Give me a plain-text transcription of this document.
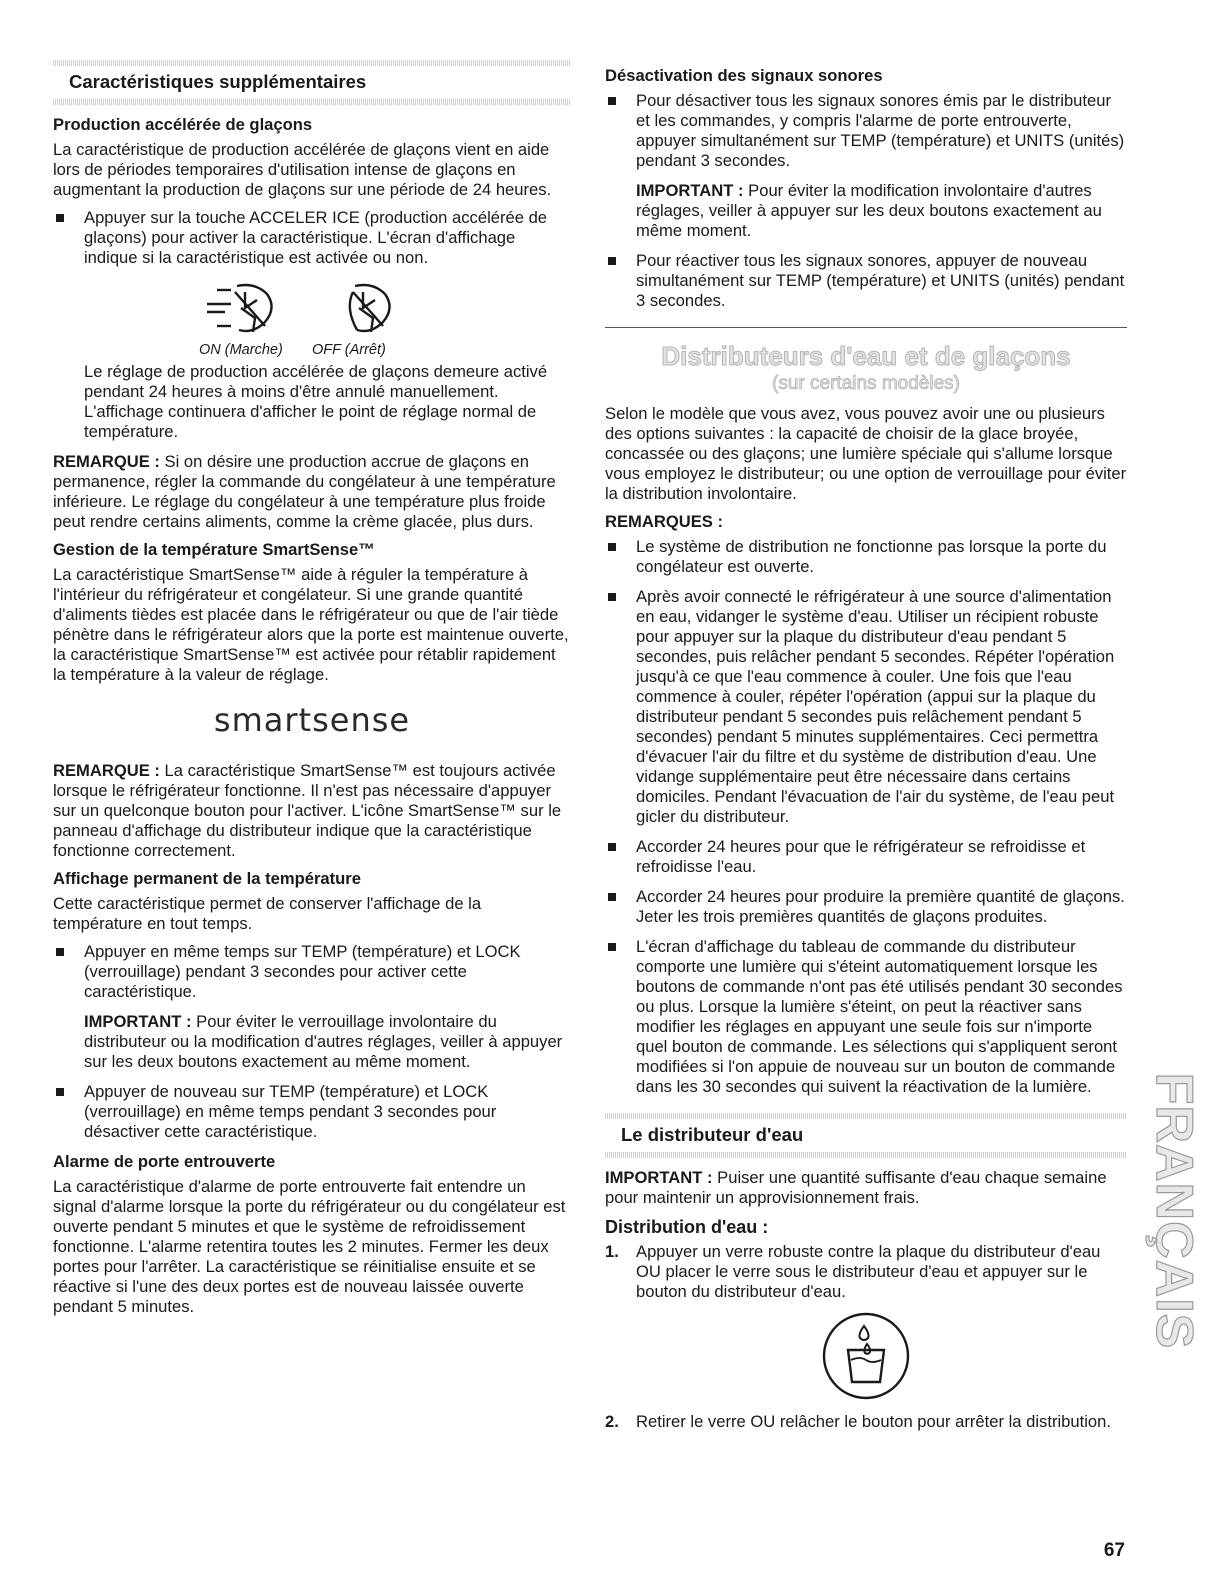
Caractéristiques supplémentaires

Production accélérée de glaçons

La caractéristique de production accélérée de glaçons vient en aide lors de périodes temporaires d'utilisation intense de glaçons en augmentant la production de glaçons sur une période de 24 heures.

Appuyer sur la touche ACCELER ICE (production accélérée de glaçons) pour activer la caractéristique. L'écran d'affichage indique si la caractéristique est activée ou non.

ON (Marche) OFF (Arrêt)

Le réglage de production accélérée de glaçons demeure activé pendant 24 heures à moins d'être annulé manuellement. L'affichage continuera d'afficher le point de réglage normal de température.

REMARQUE : Si on désire une production accrue de glaçons en permanence, régler la commande du congélateur à une température inférieure. Le réglage du congélateur à une température plus froide peut rendre certains aliments, comme la crème glacée, plus durs.

Gestion de la température SmartSense™

La caractéristique SmartSense™ aide à réguler la température à l'intérieur du réfrigérateur et congélateur. Si une grande quantité d'aliments tièdes est placée dans le réfrigérateur ou que de l'air tiède pénètre dans le réfrigérateur alors que la porte est maintenue ouverte, la caractéristique SmartSense™ est activée pour rétablir rapidement la température à la valeur de réglage.

smartsense

REMARQUE : La caractéristique SmartSense™ est toujours activée lorsque le réfrigérateur fonctionne. Il n'est pas nécessaire d'appuyer sur un quelconque bouton pour l'activer. L'icône SmartSense™ sur le panneau d'affichage du distributeur indique que la caractéristique fonctionne correctement.

Affichage permanent de la température

Cette caractéristique permet de conserver l'affichage de la température en tout temps.

Appuyer en même temps sur TEMP (température) et LOCK (verrouillage) pendant 3 secondes pour activer cette caractéristique.

IMPORTANT : Pour éviter le verrouillage involontaire du distributeur ou la modification d'autres réglages, veiller à appuyer sur les deux boutons exactement au même moment.

Appuyer de nouveau sur TEMP (température) et LOCK (verrouillage) en même temps pendant 3 secondes pour désactiver cette caractéristique.

Alarme de porte entrouverte

La caractéristique d'alarme de porte entrouverte fait entendre un signal d'alarme lorsque la porte du réfrigérateur ou du congélateur est ouverte pendant 5 minutes et que le système de refroidissement fonctionne. L'alarme retentira toutes les 2 minutes. Fermer les deux portes pour l'arrêter. La caractéristique se réinitialise ensuite et se réactive si l'une des deux portes est de nouveau laissée ouverte pendant 5 minutes.

Désactivation des signaux sonores

Pour désactiver tous les signaux sonores émis par le distributeur et les commandes, y compris l'alarme de porte entrouverte, appuyer simultanément sur TEMP (température) et UNITS (unités) pendant 3 secondes.

IMPORTANT : Pour éviter la modification involontaire d'autres réglages, veiller à appuyer sur les deux boutons exactement au même moment.

Pour réactiver tous les signaux sonores, appuyer de nouveau simultanément sur TEMP (température) et UNITS (unités) pendant 3 secondes.

Distributeurs d'eau et de glaçons

(sur certains modèles)

Selon le modèle que vous avez, vous pouvez avoir une ou plusieurs des options suivantes : la capacité de choisir de la glace broyée, concassée ou des glaçons; une lumière spéciale qui s'allume lorsque vous employez le distributeur; ou une option de verrouillage pour éviter la distribution involontaire.

REMARQUES :

Le système de distribution ne fonctionne pas lorsque la porte du congélateur est ouverte.

Après avoir connecté le réfrigérateur à une source d'alimentation en eau, vidanger le système d'eau. Utiliser un récipient robuste pour appuyer sur la plaque du distributeur d'eau pendant 5 secondes, puis relâcher pendant 5 secondes. Répéter l'opération jusqu'à ce que l'eau commence à couler. Une fois que l'eau commence à couler, répéter l'opération (appui sur la plaque du distributeur pendant 5 secondes puis relâchement pendant 5 secondes) pendant 5 minutes supplémentaires. Ceci permettra d'évacuer l'air du filtre et du système de distribution d'eau. Une vidange supplémentaire peut être nécessaire dans certains domiciles. Pendant l'évacuation de l'air du système, de l'eau peut gicler du distributeur.

Accorder 24 heures pour que le réfrigérateur se refroidisse et refroidisse l'eau.

Accorder 24 heures pour produire la première quantité de glaçons. Jeter les trois premières quantités de glaçons produites.

L'écran d'affichage du tableau de commande du distributeur comporte une lumière qui s'éteint automatiquement lorsque les boutons de commande n'ont pas été utilisés pendant 30 secondes ou plus. Lorsque la lumière s'éteint, on peut la réactiver sans modifier les réglages en appuyant une seule fois sur n'importe quel bouton de commande. Les sélections qui s'appliquent seront modifiées si l'on appuie de nouveau sur un bouton de commande dans les 30 secondes qui suivent la réactivation de la lumière.

Le distributeur d'eau

IMPORTANT : Puiser une quantité suffisante d'eau chaque semaine pour maintenir un approvisionnement frais.

Distribution d'eau :

1. Appuyer un verre robuste contre la plaque du distributeur d'eau OU placer le verre sous le distributeur d'eau et appuyer sur le bouton du distributeur d'eau.

2. Retirer le verre OU relâcher le bouton pour arrêter la distribution.

FRANÇAIS
67
